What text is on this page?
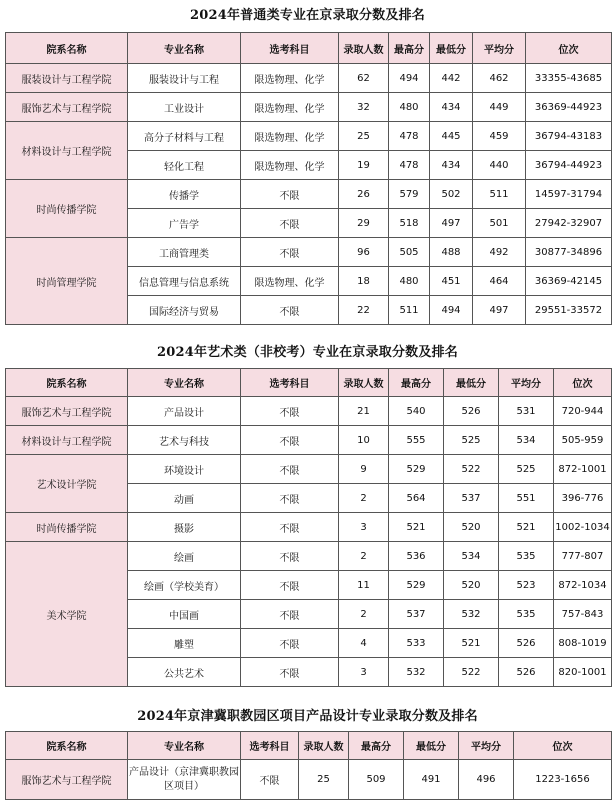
2024年普通类专业在京录取分数及排名
院系名称	专业名称	选考科目	录取人数	最高分	最低分	平均分	位次
服装设计与工程学院	服装设计与工程	限选物理、化学	62	494	442	462	33355-43685
服饰艺术与工程学院	工业设计	限选物理、化学	32	480	434	449	36369-44923
材料设计与工程学院	高分子材料与工程	限选物理、化学	25	478	445	459	36794-43183
	轻化工程	限选物理、化学	19	478	434	440	36794-44923
时尚传播学院	传播学	不限	26	579	502	511	14597-31794
	广告学	不限	29	518	497	501	27942-32907
时尚管理学院	工商管理类	不限	96	505	488	492	30877-34896
	信息管理与信息系统	限选物理、化学	18	480	451	464	36369-42145
	国际经济与贸易	不限	22	511	494	497	29551-33572
2024年艺术类（非校考）专业在京录取分数及排名
院系名称	专业名称	选考科目	录取人数	最高分	最低分	平均分	位次
服饰艺术与工程学院	产品设计	不限	21	540	526	531	720-944
材料设计与工程学院	艺术与科技	不限	10	555	525	534	505-959
艺术设计学院	环境设计	不限	9	529	522	525	872-1001
	动画	不限	2	564	537	551	396-776
时尚传播学院	摄影	不限	3	521	520	521	1002-1034
美术学院	绘画	不限	2	536	534	535	777-807
	绘画（学校美育）	不限	11	529	520	523	872-1034
	中国画	不限	2	537	532	535	757-843
	雕塑	不限	4	533	521	526	808-1019
	公共艺术	不限	3	532	522	526	820-1001
2024年京津冀职教园区项目产品设计专业录取分数及排名
院系名称	专业名称	选考科目	录取人数	最高分	最低分	平均分	位次
服饰艺术与工程学院	产品设计（京津冀职教园区项目）	不限	25	509	491	496	1223-1656
